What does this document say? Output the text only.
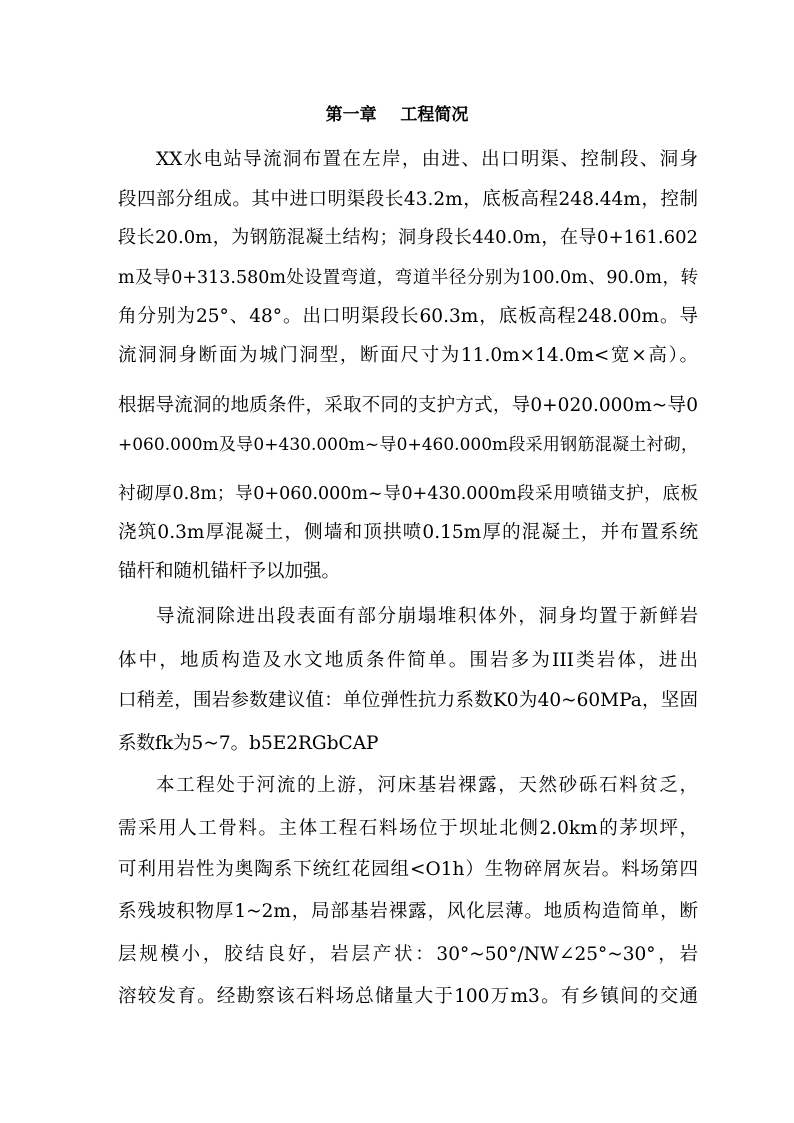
第一章    工程简况
XX水电站导流洞布置在左岸，由进、出口明渠、控制段、洞身
段四部分组成。其中进口明渠段长43.2m，底板高程248.44m，控制
段长20.0m，为钢筋混凝土结构；洞身段长440.0m，在导0+161.602
m及导0+313.580m处设置弯道，弯道半径分别为100.0m、90.0m，转
角分别为25°、48°。出口明渠段长60.3m，底板高程248.00m。导
流洞洞身断面为城门洞型，断面尺寸为11.0m×14.0m<宽×高）。
根据导流洞的地质条件，采取不同的支护方式，导0+020.000m~导0
+060.000m及导0+430.000m~导0+460.000m段采用钢筋混凝土衬砌，
衬砌厚0.8m；导0+060.000m~导0+430.000m段采用喷锚支护，底板
浇筑0.3m厚混凝土，侧墙和顶拱喷0.15m厚的混凝土，并布置系统
锚杆和随机锚杆予以加强。
导流洞除进出段表面有部分崩塌堆积体外，洞身均置于新鲜岩
体中，地质构造及水文地质条件简单。围岩多为III类岩体，进出
口稍差，围岩参数建议值：单位弹性抗力系数K0为40~60MPa，坚固
系数fk为5~7。b5E2RGbCAP
本工程处于河流的上游，河床基岩裸露，天然砂砾石料贫乏，
需采用人工骨料。主体工程石料场位于坝址北侧2.0km的茅坝坪，
可利用岩性为奥陶系下统红花园组<O1h）生物碎屑灰岩。料场第四
系残坡积物厚1~2m，局部基岩裸露，风化层薄。地质构造简单，断
层规模小，胶结良好，岩层产状：30°~50°/NW∠25°~30°，岩
溶较发育。经勘察该石料场总储量大于100万m3。有乡镇间的交通
